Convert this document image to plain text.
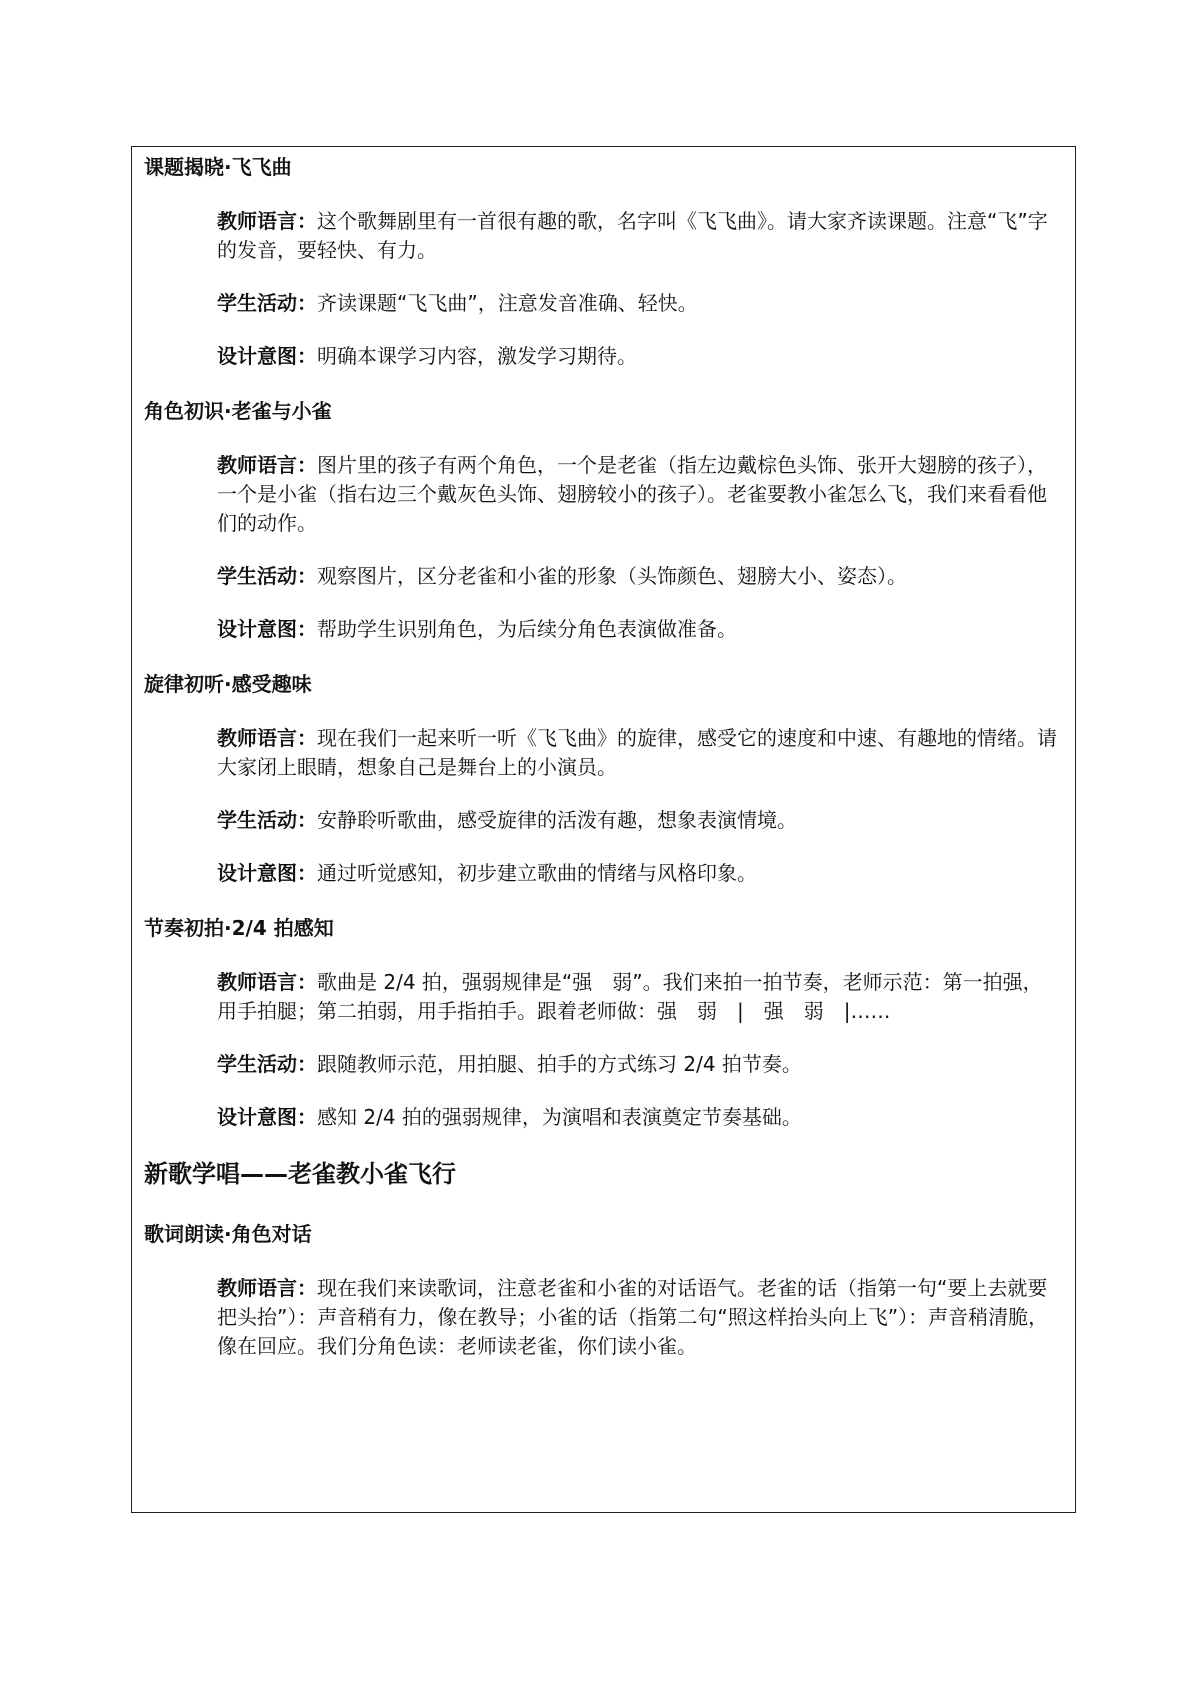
课题揭晓·飞飞曲

教师语言：这个歌舞剧里有一首很有趣的歌，名字叫《飞飞曲》。请大家齐读课题。注意“飞”字的发音，要轻快、有力。

学生活动：齐读课题“飞飞曲”，注意发音准确、轻快。

设计意图：明确本课学习内容，激发学习期待。

角色初识·老雀与小雀

教师语言：图片里的孩子有两个角色，一个是老雀（指左边戴棕色头饰、张开大翅膀的孩子），一个是小雀（指右边三个戴灰色头饰、翅膀较小的孩子）。老雀要教小雀怎么飞，我们来看看他们的动作。

学生活动：观察图片，区分老雀和小雀的形象（头饰颜色、翅膀大小、姿态）。

设计意图：帮助学生识别角色，为后续分角色表演做准备。

旋律初听·感受趣味

教师语言：现在我们一起来听一听《飞飞曲》的旋律，感受它的速度和中速、有趣地的情绪。请大家闭上眼睛，想象自己是舞台上的小演员。

学生活动：安静聆听歌曲，感受旋律的活泼有趣，想象表演情境。

设计意图：通过听觉感知，初步建立歌曲的情绪与风格印象。

节奏初拍·2/4 拍感知

教师语言：歌曲是 2/4 拍，强弱规律是“强　弱”。我们来拍一拍节奏，老师示范：第一拍强，用手拍腿；第二拍弱，用手指拍手。跟着老师做：强　弱　|　强　弱　|……

学生活动：跟随教师示范，用拍腿、拍手的方式练习 2/4 拍节奏。

设计意图：感知 2/4 拍的强弱规律，为演唱和表演奠定节奏基础。

新歌学唱——老雀教小雀飞行
歌词朗读·角色对话

教师语言：现在我们来读歌词，注意老雀和小雀的对话语气。老雀的话（指第一句“要上去就要把头抬”）：声音稍有力，像在教导；小雀的话（指第二句“照这样抬头向上飞”）：声音稍清脆，像在回应。我们分角色读：老师读老雀，你们读小雀。
